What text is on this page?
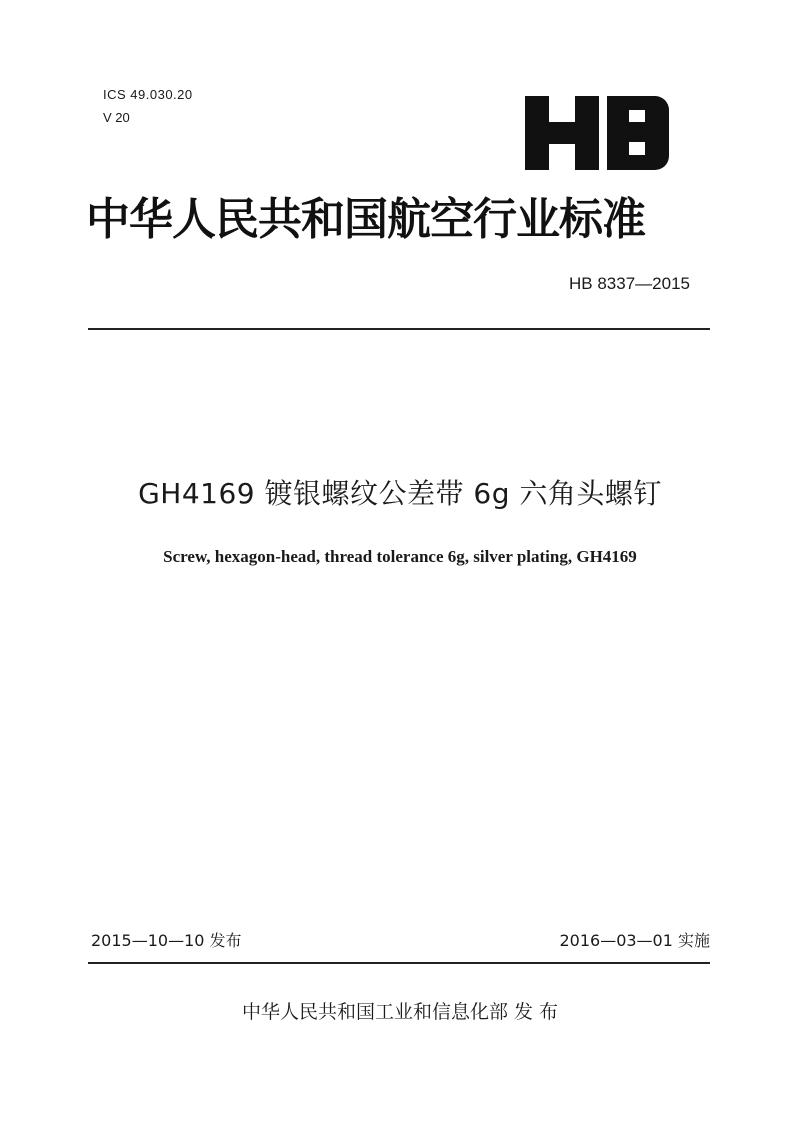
ICS 49.030.20
V 20
中华人民共和国航空行业标准
HB 8337—2015
GH4169 镀银螺纹公差带 6g 六角头螺钉
Screw, hexagon-head, thread tolerance 6g, silver plating, GH4169
2015—10—10 发布	2016—03—01 实施
中华人民共和国工业和信息化部 发 布
